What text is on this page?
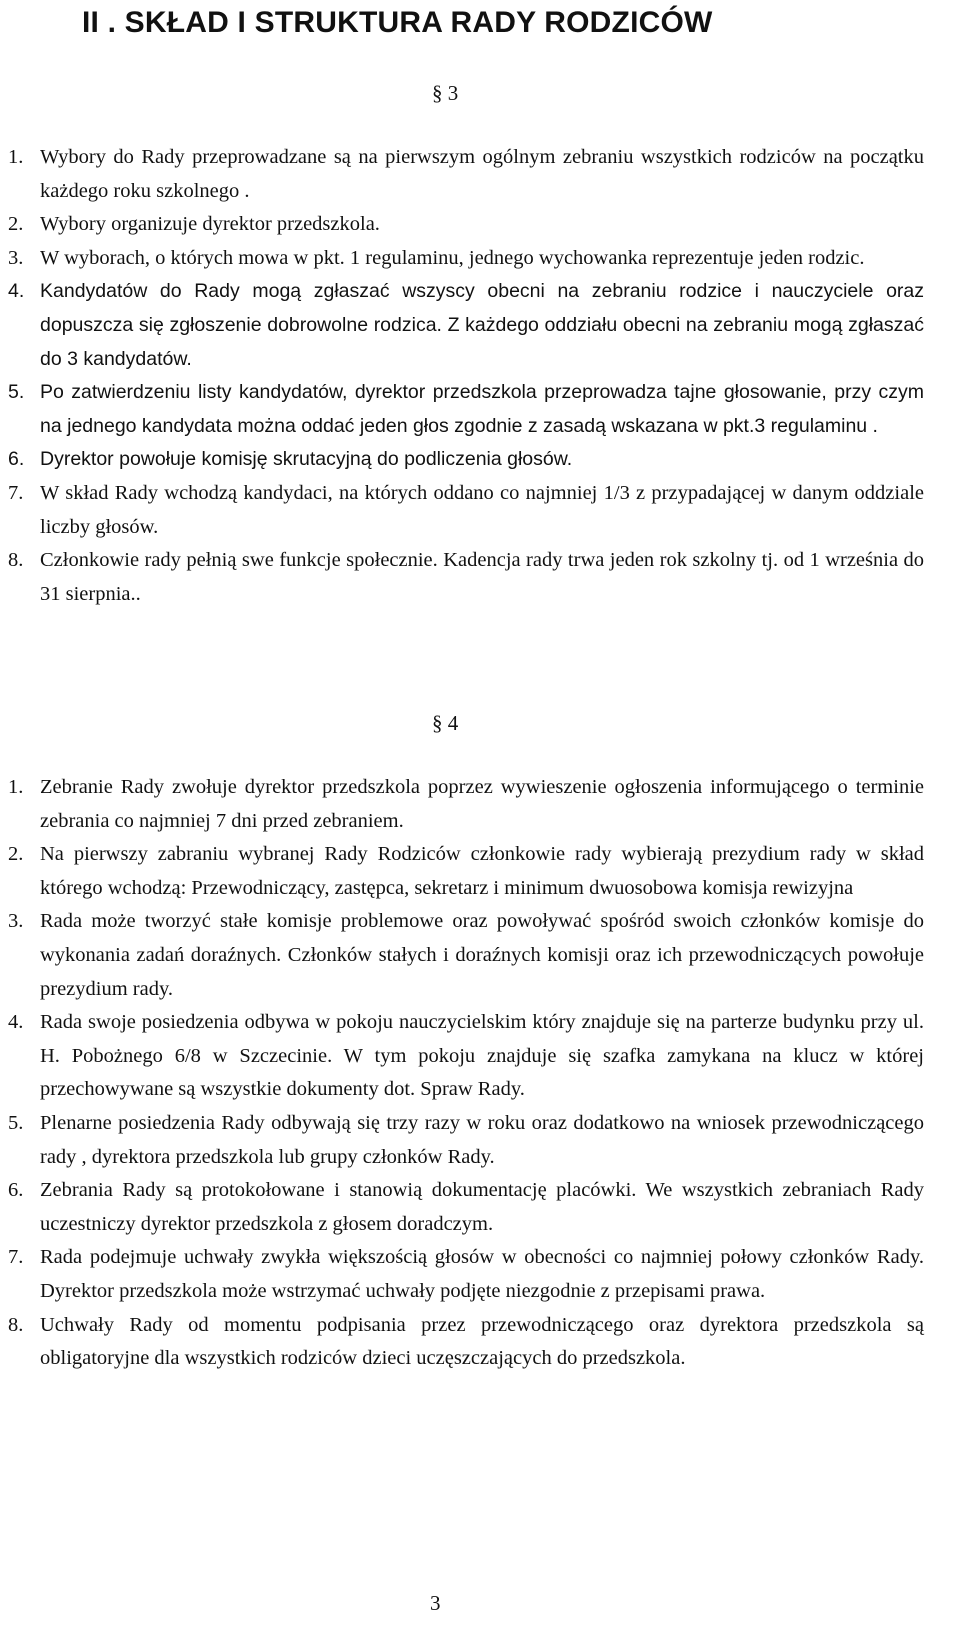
II . SKŁAD I STRUKTURA RADY RODZICÓW
§ 3
1. Wybory do Rady przeprowadzane są na pierwszym ogólnym zebraniu wszystkich rodziców na początku każdego roku szkolnego .
2. Wybory organizuje dyrektor przedszkola.
3. W wyborach, o których mowa w pkt. 1 regulaminu, jednego wychowanka reprezentuje jeden rodzic.
4. Kandydatów do Rady mogą zgłaszać wszyscy obecni na zebraniu rodzice i nauczyciele oraz dopuszcza się zgłoszenie dobrowolne rodzica. Z każdego oddziału obecni na zebraniu mogą zgłaszać do 3 kandydatów.
5. Po zatwierdzeniu listy kandydatów, dyrektor przedszkola przeprowadza tajne głosowanie, przy czym na jednego kandydata można oddać jeden głos zgodnie z zasadą wskazana w pkt.3 regulaminu .
6. Dyrektor powołuje komisję skrutacyjną do podliczenia głosów.
7. W skład Rady wchodzą kandydaci, na których oddano co najmniej 1/3 z przypadającej w danym oddziale liczby głosów.
8. Członkowie rady pełnią swe funkcje społecznie. Kadencja rady trwa jeden rok szkolny tj. od 1 września do 31 sierpnia..
§ 4
1. Zebranie Rady zwołuje dyrektor przedszkola poprzez wywieszenie ogłoszenia informującego o terminie zebrania co najmniej 7 dni przed zebraniem.
2. Na pierwszy zabraniu wybranej Rady Rodziców członkowie rady wybierają prezydium rady w skład którego wchodzą: Przewodniczący, zastępca, sekretarz i minimum dwuosobowa komisja rewizyjna
3. Rada może tworzyć stałe komisje problemowe oraz powoływać spośród swoich członków komisje do wykonania zadań doraźnych. Członków stałych i doraźnych komisji oraz ich przewodniczących powołuje prezydium rady.
4. Rada swoje posiedzenia odbywa w pokoju nauczycielskim który znajduje się na parterze budynku przy ul. H. Pobożnego 6/8 w Szczecinie. W tym pokoju znajduje się szafka zamykana na klucz w której przechowywane są wszystkie dokumenty dot. Spraw Rady.
5. Plenarne posiedzenia Rady odbywają się trzy razy w roku oraz dodatkowo na wniosek przewodniczącego rady , dyrektora przedszkola lub grupy członków Rady.
6. Zebrania Rady są protokołowane i stanowią dokumentację placówki. We wszystkich zebraniach Rady uczestniczy dyrektor przedszkola z głosem doradczym.
7. Rada podejmuje uchwały zwykła większością głosów w obecności co najmniej połowy członków Rady. Dyrektor przedszkola może wstrzymać uchwały podjęte niezgodnie z przepisami prawa.
8. Uchwały Rady od momentu podpisania przez przewodniczącego oraz dyrektora przedszkola są obligatoryjne dla wszystkich rodziców dzieci uczęszczających do przedszkola.
3
